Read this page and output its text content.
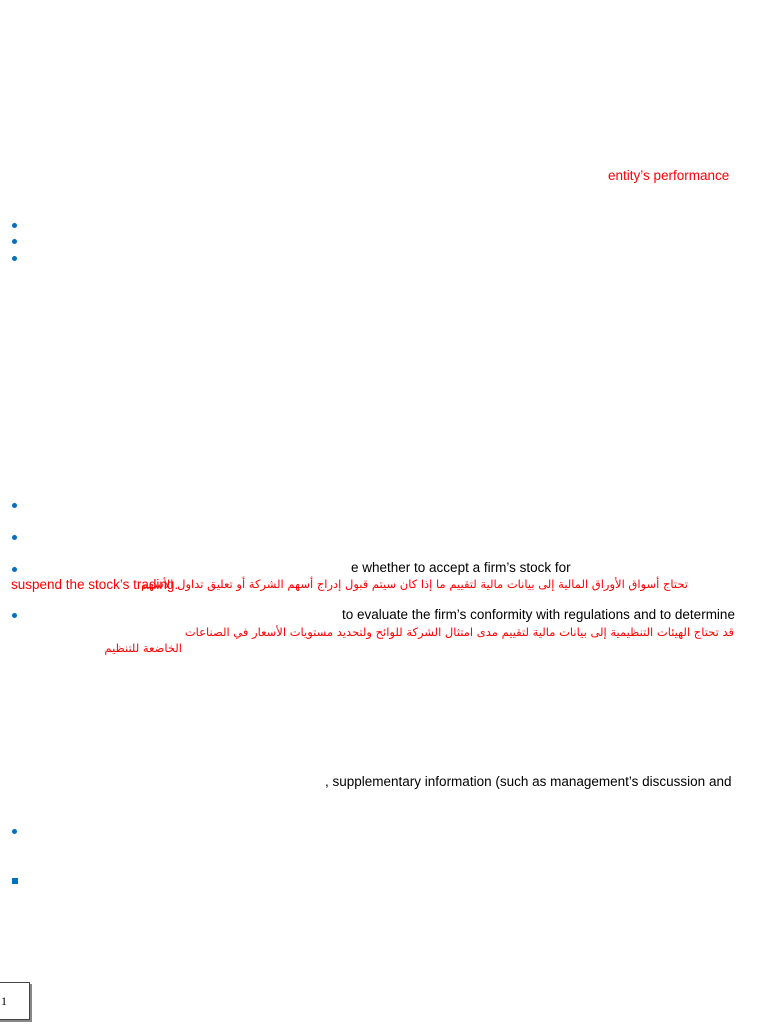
entity’s performance
e whether to accept a firm’s stock for
suspend the stock’s trading.
تحتاج أسواق الأوراق المالية إلى بيانات مالية لتقييم ما إذا كان سيتم قبول إدراج أسهم الشركة أو تعليق تداول الأسهم
to evaluate the firm’s conformity with regulations and to determine
قد تحتاج الهيئات التنظيمية إلى بيانات مالية لتقييم مدى امتثال الشركة للوائح ولتحديد مستويات الأسعار في الصناعات
الخاضعة للتنظيم
, supplementary information (such as management’s discussion and
1
